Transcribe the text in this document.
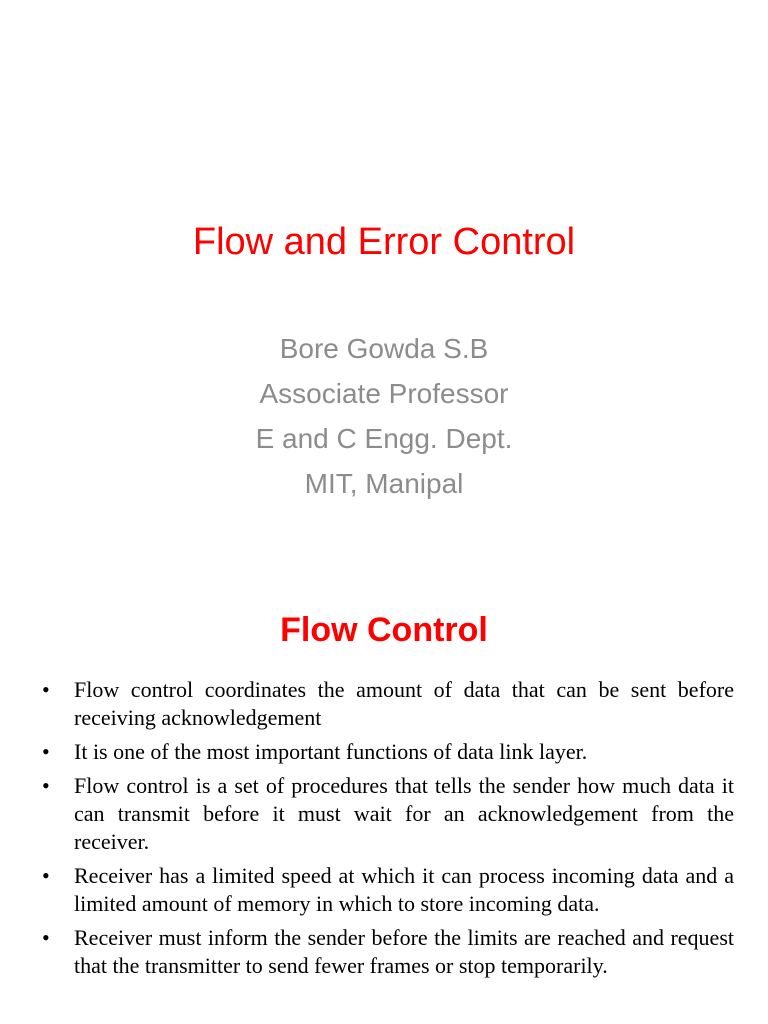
Flow and Error Control
Bore Gowda S.B
Associate Professor
E and C Engg. Dept.
MIT, Manipal
Flow Control
• Flow control coordinates the amount of data that can be sent before receiving acknowledgement
• It is one of the most important functions of data link layer.
• Flow control is a set of procedures that tells the sender how much data it can transmit before it must wait for an acknowledgement from the receiver.
• Receiver has a limited speed at which it can process incoming data and a limited amount of memory in which to store incoming data.
• Receiver must inform the sender before the limits are reached and request that the transmitter to send fewer frames or stop temporarily.
